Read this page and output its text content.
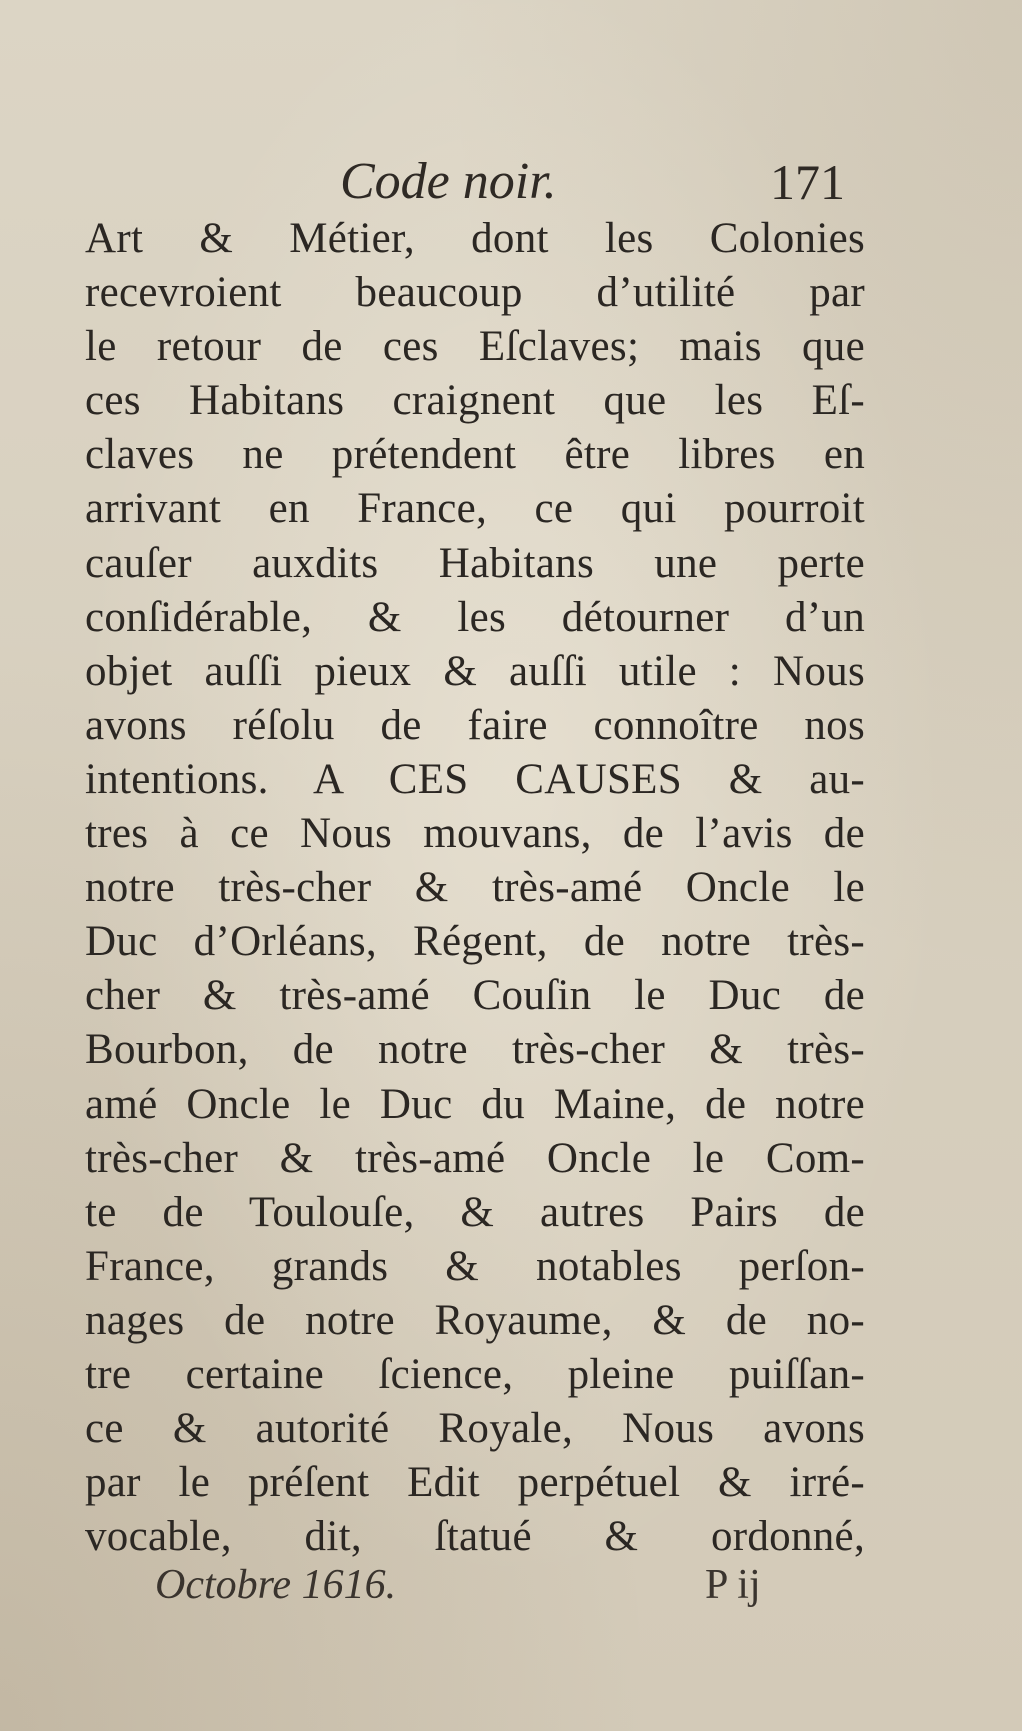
Code noir.	171
Art & Métier, dont les Colonies
recevroient beaucoup d’utilité par
le retour de ces Eſclaves; mais que
ces Habitans craignent que les Eſ-
claves ne prétendent être libres en
arrivant en France, ce qui pourroit
cauſer auxdits Habitans une perte
conſidérable, & les détourner d’un
objet auſſi pieux & auſſi utile : Nous
avons réſolu de faire connoître nos
intentions. A CES CAUSES & au-
tres à ce Nous mouvans, de l’avis de
notre très-cher & très-amé Oncle le
Duc d’Orléans, Régent, de notre très-
cher & très-amé Couſin le Duc de
Bourbon, de notre très-cher & très-
amé Oncle le Duc du Maine, de notre
très-cher & très-amé Oncle le Com-
te de Toulouſe, & autres Pairs de
France, grands & notables perſon-
nages de notre Royaume, & de no-
tre certaine ſcience, pleine puiſſan-
ce & autorité Royale, Nous avons
par le préſent Edit perpétuel & irré-
vocable, dit, ſtatué & ordonné,
Octobre 1616.	P ij
